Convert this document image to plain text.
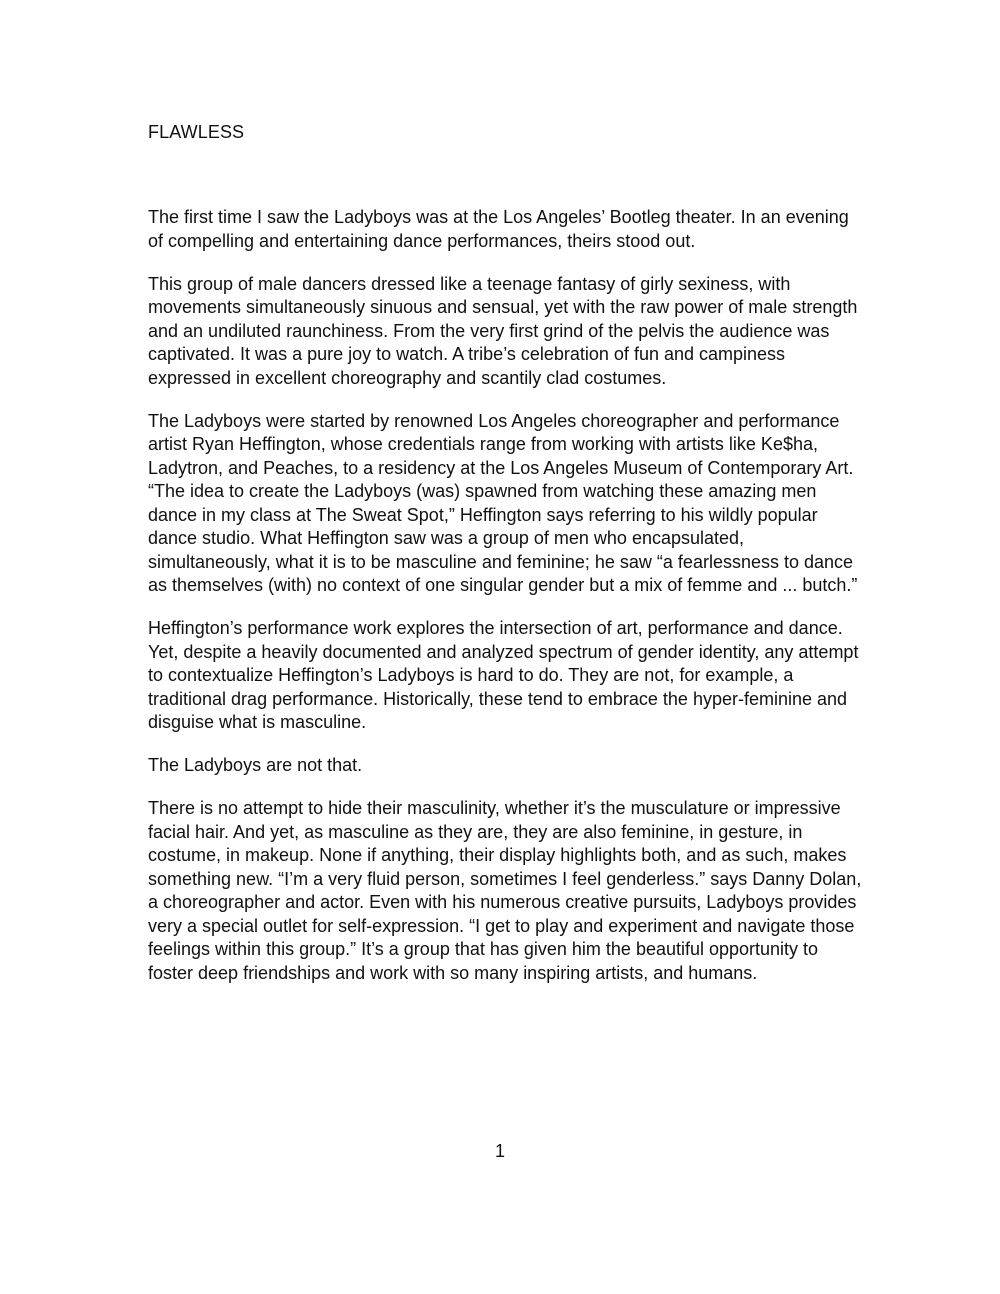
FLAWLESS

The first time I saw the Ladyboys was at the Los Angeles’ Bootleg theater. In an evening of compelling and entertaining dance performances, theirs stood out.

This group of male dancers dressed like a teenage fantasy of girly sexiness, with movements simultaneously sinuous and sensual, yet with the raw power of male strength and an undiluted raunchiness. From the very first grind of the pelvis the audience was captivated. It was a pure joy to watch. A tribe’s celebration of fun and campiness expressed in excellent choreography and scantily clad costumes.

The Ladyboys were started by renowned Los Angeles choreographer and performance artist Ryan Heffington, whose credentials range from working with artists like Ke$ha, Ladytron, and Peaches, to a residency at the Los Angeles Museum of Contemporary Art. “The idea to create the Ladyboys (was) spawned from watching these amazing men dance in my class at The Sweat Spot,” Heffington says referring to his wildly popular dance studio. What Heffington saw was a group of men who encapsulated, simultaneously, what it is to be masculine and feminine; he saw “a fearlessness to dance as themselves (with) no context of one singular gender but a mix of femme and ... butch.”

Heffington’s performance work explores the intersection of art, performance and dance. Yet, despite a heavily documented and analyzed spectrum of gender identity, any attempt to contextualize Heffington’s Ladyboys is hard to do. They are not, for example, a traditional drag performance. Historically, these tend to embrace the hyper-feminine and disguise what is masculine.

The Ladyboys are not that.

There is no attempt to hide their masculinity, whether it’s the musculature or impressive facial hair. And yet, as masculine as they are, they are also feminine, in gesture, in costume, in makeup. None if anything, their display highlights both, and as such, makes something new. “I’m a very fluid person, sometimes I feel genderless.” says Danny Dolan, a choreographer and actor. Even with his numerous creative pursuits, Ladyboys provides very a special outlet for self-expression. “I get to play and experiment and navigate those feelings within this group.” It’s a group that has given him the beautiful opportunity to foster deep friendships and work with so many inspiring artists, and humans.

1
